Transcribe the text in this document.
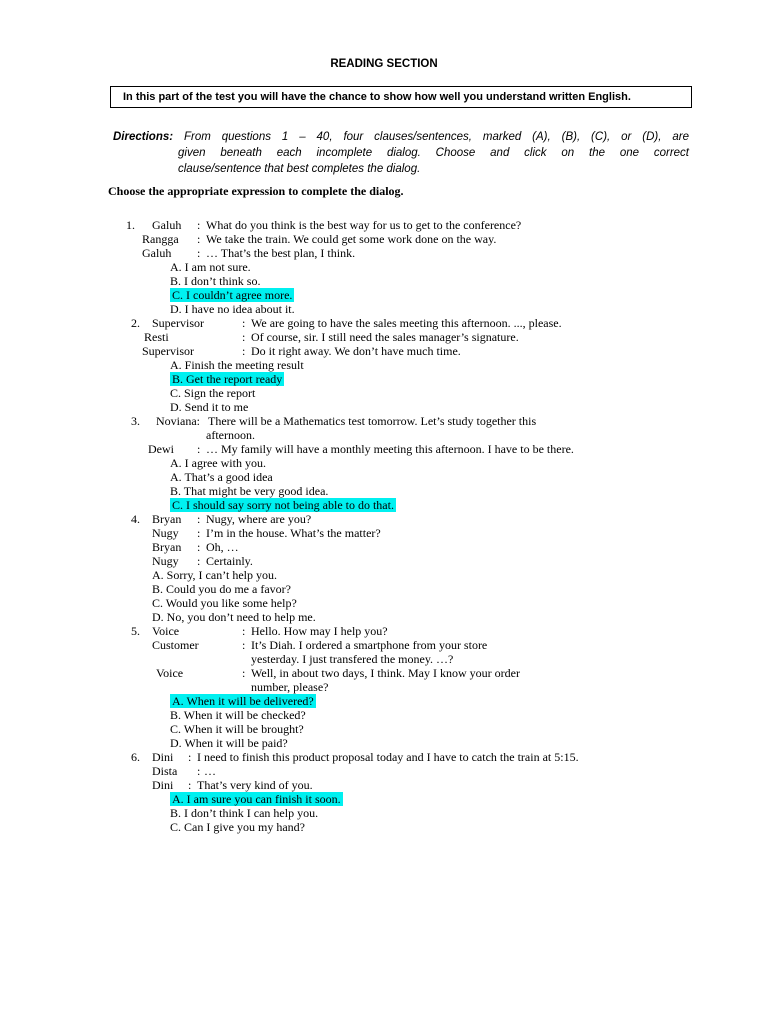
READING SECTION
In this part of the test you will have the chance to show how well you understand written English.
Directions: From questions 1 – 40, four clauses/sentences, marked (A), (B), (C), or (D), are
given beneath each incomplete dialog. Choose and click on the one correct
clause/sentence that best completes the dialog.
Choose the appropriate expression to complete the dialog.
1.	Galuh : What do you think is the best way for us to get to the conference?
Rangga : We take the train. We could get some work done on the way.
Galuh : … That’s the best plan, I think.
A. I am not sure.
B. I don’t think so.
C. I couldn’t agree more.
D. I have no idea about it.
2.	Supervisor	: We are going to have the sales meeting this afternoon. ..., please.
Resti	: Of course, sir. I still need the sales manager’s signature.
Supervisor	: Do it right away. We don’t have much time.
A. Finish the meeting result
B. Get the report ready
C. Sign the report
D. Send it to me
3.	Noviana: There will be a Mathematics test tomorrow. Let’s study together this
afternoon.
Dewi : … My family will have a monthly meeting this afternoon. I have to be there.
A. I agree with you.
A. That’s a good idea
B. That might be very good idea.
C. I should say sorry not being able to do that.
4.	Bryan : Nugy, where are you?
Nugy : I’m in the house. What’s the matter?
Bryan : Oh, …
Nugy : Certainly.
A. Sorry, I can’t help you.
B. Could you do me a favor?
C. Would you like some help?
D. No, you don’t need to help me.
5.	Voice	: Hello. How may I help you?
Customer	: It’s Diah. I ordered a smartphone from your store
yesterday. I just transfered the money. …?
Voice	: Well, in about two days, I think. May I know your order
number, please?
A. When it will be delivered?
B. When it will be checked?
C. When it will be brought?
D. When it will be paid?
6.	Dini : I need to finish this product proposal today and I have to catch the train at 5:15.
Dista : …
Dini : That’s very kind of you.
A. I am sure you can finish it soon.
B. I don’t think I can help you.
C. Can I give you my hand?
